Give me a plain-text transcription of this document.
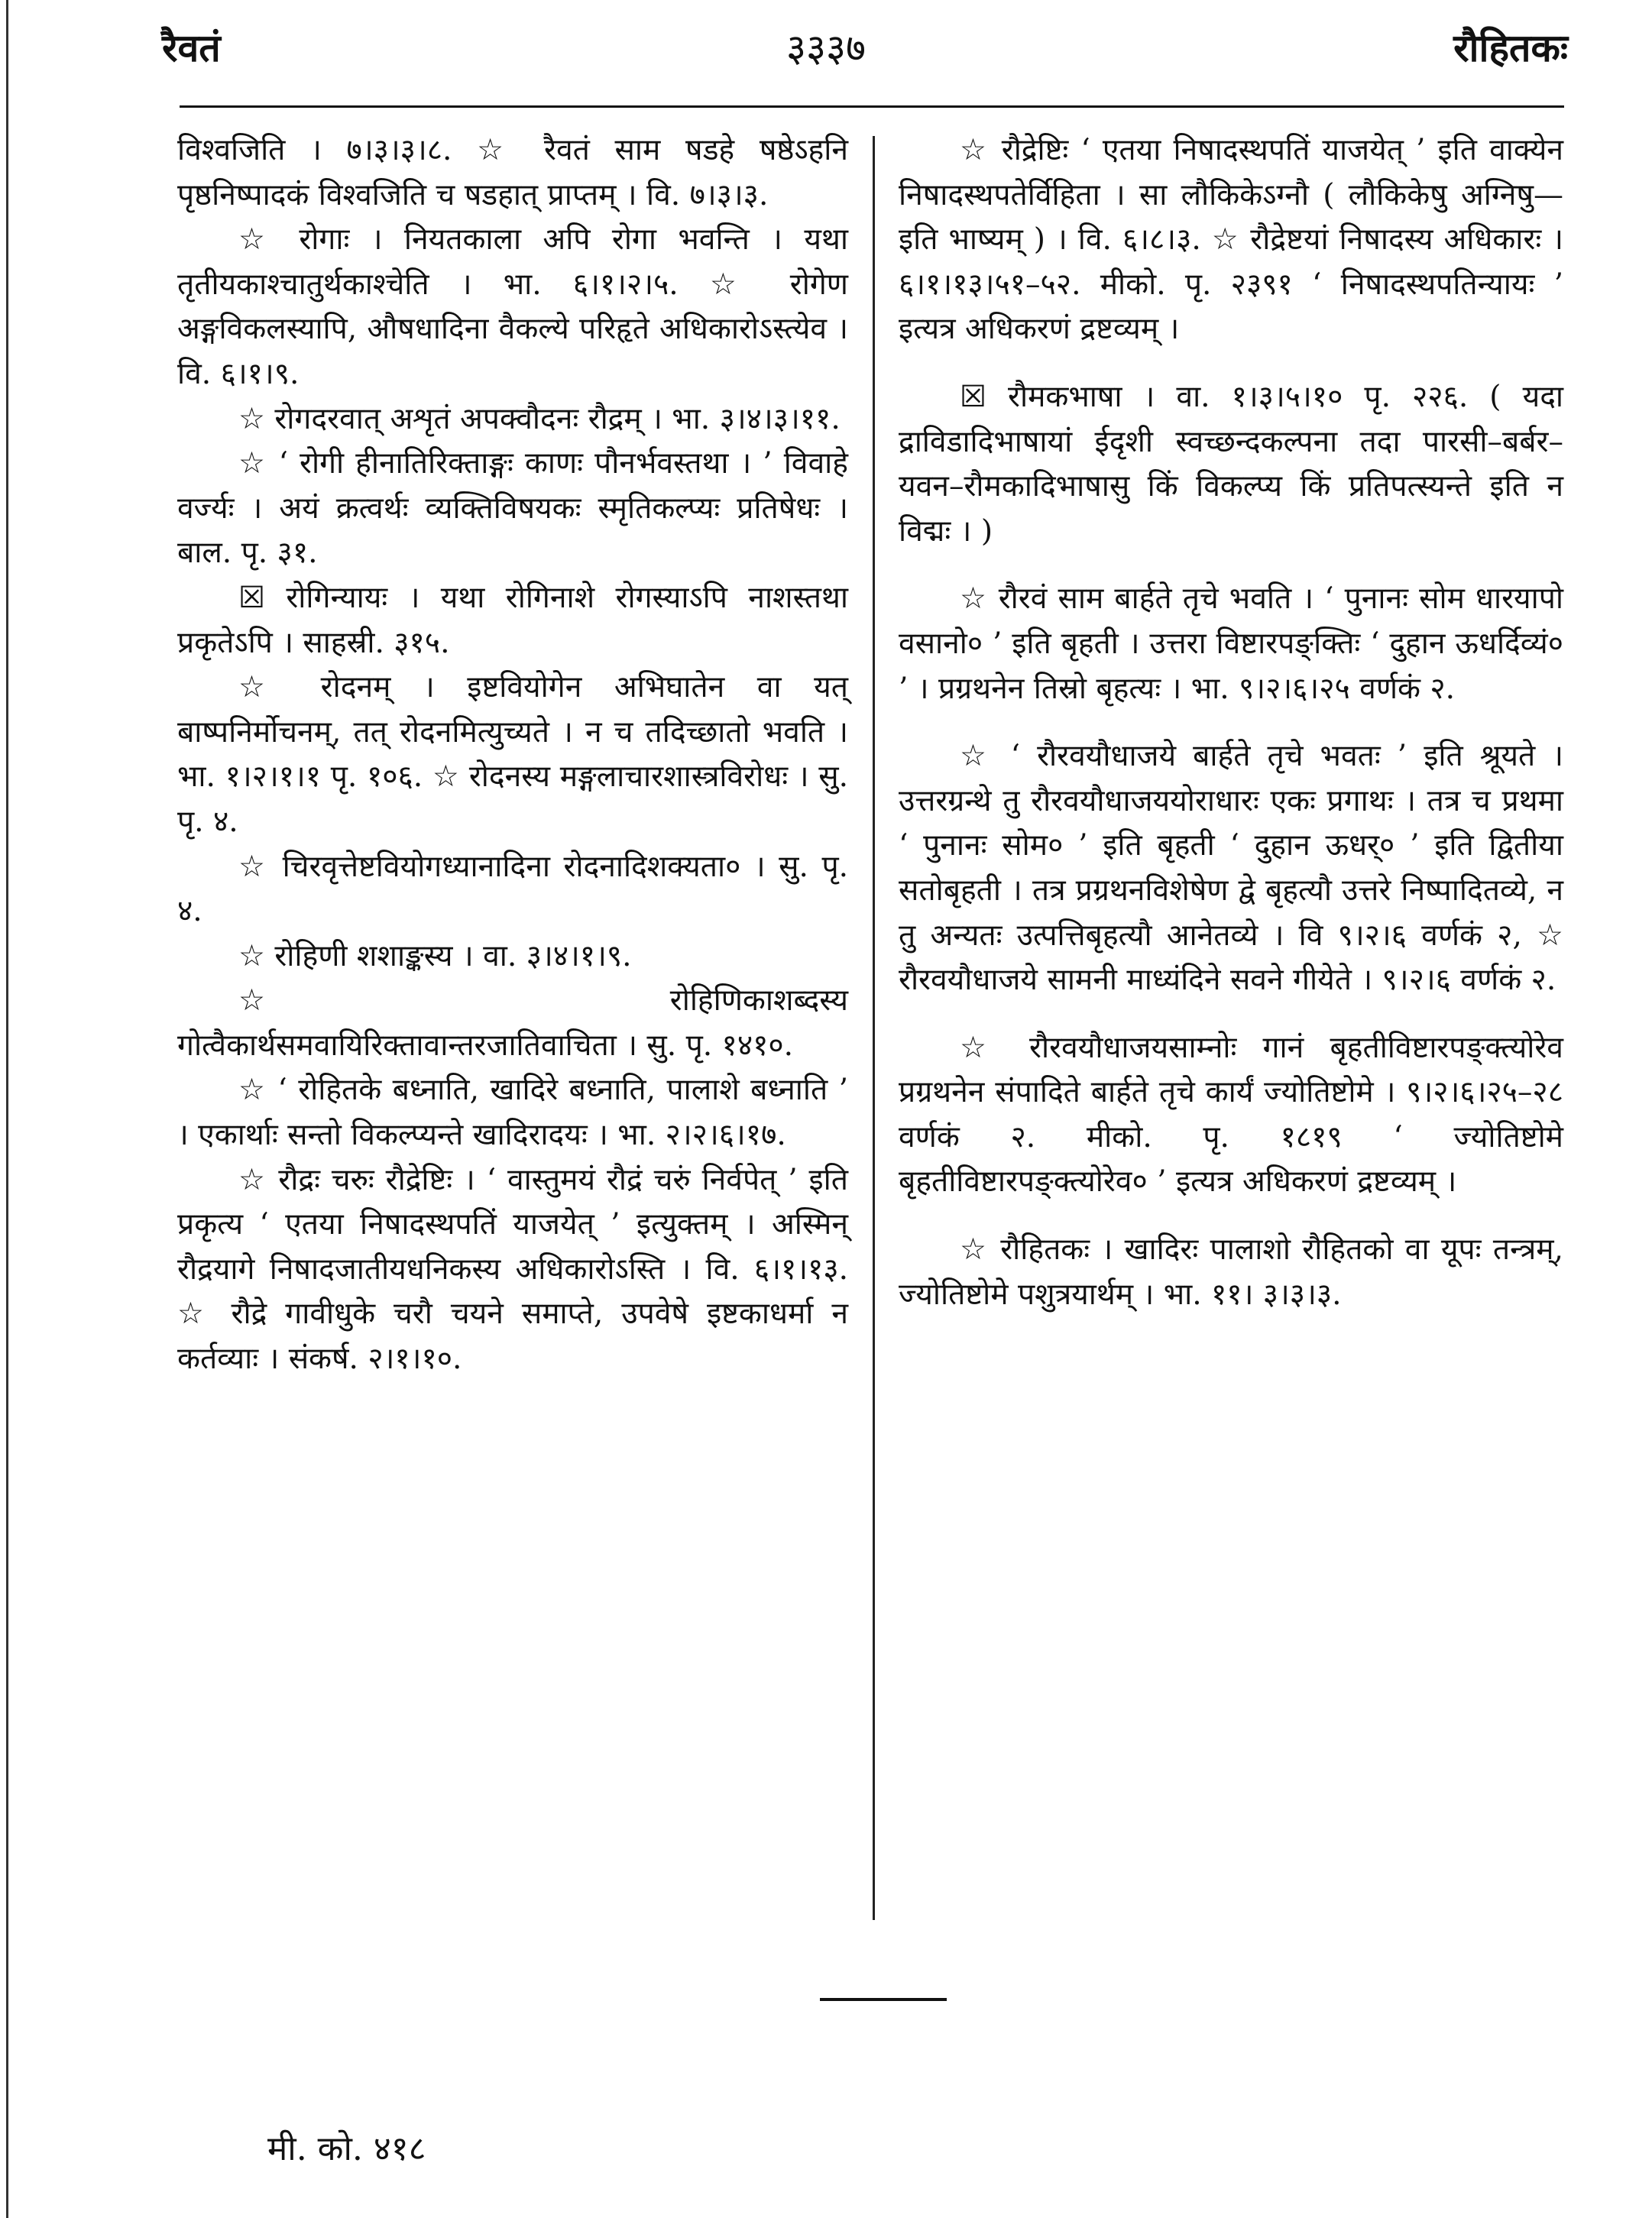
रैवतं	३३३७	रौहितकः

विश्वजिति । ७।३।३।८. ☆ रैवतं साम षडहे षष्ठेऽहनि पृष्ठनिष्पादकं विश्वजिति च षडहात् प्राप्तम् । वि. ७।३।३.

☆ रोगाः । नियतकाला अपि रोगा भवन्ति । यथा तृतीयकाश्चातुर्थकाश्चेति । भा. ६।१।२।५. ☆ रोगेण अङ्गविकलस्यापि, औषधादिना वैकल्ये परिहृते अधिकारोऽस्त्येव । वि. ६।१।९.

☆ रोगदरवात् अशृतं अपक्वौदनः रौद्रम् । भा. ३।४।३।११.

☆ ‘ रोगी हीनातिरिक्ताङ्गः काणः पौनर्भवस्तथा । ’ विवाहे वर्ज्यः । अयं क्रत्वर्थः व्यक्तिविषयकः स्मृतिकल्प्यः प्रतिषेधः । बाल. पृ. ३१.

☒ रोगिन्यायः । यथा रोगिनाशे रोगस्याऽपि नाशस्तथा प्रकृतेऽपि । साहस्री. ३१५.

☆ रोदनम् । इष्टवियोगेन अभिघातेन वा यत् बाष्पनिर्मोचनम्, तत् रोदनमित्युच्यते । न च तदिच्छातो भवति । भा. १।२।१।१ पृ. १०६. ☆ रोदनस्य मङ्गलाचारशास्त्रविरोधः । सु. पृ. ४.

☆ चिरवृत्तेष्टवियोगध्यानादिना रोदनादिशक्यता० । सु. पृ. ४.

☆ रोहिणी शशाङ्कस्य । वा. ३।४।१।९.

☆ रोहिणिकाशब्दस्य गोत्वैकार्थसमवायिरिक्तावान्तरजातिवाचिता । सु. पृ. १४१०.

☆ ‘ रोहितके बध्नाति, खादिरे बध्नाति, पालाशे बध्नाति ’ । एकार्थाः सन्तो विकल्प्यन्ते खादिरादयः । भा. २।२।६।१७.

☆ रौद्रः चरुः रौद्रेष्टिः । ‘ वास्तुमयं रौद्रं चरुं निर्वपेत् ’ इति प्रकृत्य ‘ एतया निषादस्थपतिं याजयेत् ’ इत्युक्तम् । अस्मिन् रौद्रयागे निषादजातीयधनिकस्य अधिकारोऽस्ति । वि. ६।१।१३. ☆ रौद्रे गावीधुके चरौ चयने समाप्ते, उपवेषे इष्टकाधर्मा न कर्तव्याः । संकर्ष. २।१।१०.

☆ रौद्रेष्टिः ‘ एतया निषादस्थपतिं याजयेत् ’ इति वाक्येन निषादस्थपतेर्विहिता । सा लौकिकेऽग्नौ ( लौकिकेषु अग्निषु—इति भाष्यम् ) । वि. ६।८।३. ☆ रौद्रेष्टयां निषादस्य अधिकारः । ६।१।१३।५१–५२. मीको. पृ. २३९१ ‘ निषादस्थपतिन्यायः ’ इत्यत्र अधिकरणं द्रष्टव्यम् ।

☒ रौमकभाषा । वा. १।३।५।१० पृ. २२६. ( यदा द्राविडादिभाषायां ईदृशी स्वच्छन्दकल्पना तदा पारसी–बर्बर–यवन–रौमकादिभाषासु किं विकल्प्य किं प्रतिपत्स्यन्ते इति न विद्मः । )

☆ रौरवं साम बार्हते तृचे भवति । ‘ पुनानः सोम धारयापो वसानो० ’ इति बृहती । उत्तरा विष्टारपङ्क्तिः ‘ दुहान ऊधर्दिव्यं० ’ । प्रग्रथनेन तिस्रो बृहत्यः । भा. ९।२।६।२५ वर्णकं २.

☆ ‘ रौरवयौधाजये बार्हते तृचे भवतः ’ इति श्रूयते । उत्तरग्रन्थे तु रौरवयौधाजययोराधारः एकः प्रगाथः । तत्र च प्रथमा ‘ पुनानः सोम० ’ इति बृहती ‘ दुहान ऊधर्० ’ इति द्वितीया सतोबृहती । तत्र प्रग्रथनविशेषेण द्वे बृहत्यौ उत्तरे निष्पादितव्ये, न तु अन्यतः उत्पत्तिबृहत्यौ आनेतव्ये । वि ९।२।६ वर्णकं २, ☆ रौरवयौधाजये सामनी माध्यंदिने सवने गीयेते । ९।२।६ वर्णकं २.

☆ रौरवयौधाजयसाम्नोः गानं बृहतीविष्टारपङ्क्त्योरेव प्रग्रथनेन संपादिते बार्हते तृचे कार्यं ज्योतिष्टोमे । ९।२।६।२५–२८ वर्णकं २. मीको. पृ. १८१९ ‘ ज्योतिष्टोमे बृहतीविष्टारपङ्क्त्योरेव० ’ इत्यत्र अधिकरणं द्रष्टव्यम् ।

☆ रौहितकः । खादिरः पालाशो रौहितको वा यूपः तन्त्रम्, ज्योतिष्टोमे पशुत्रयार्थम् । भा. ११। ३।३।३.

मी. को. ४१८
